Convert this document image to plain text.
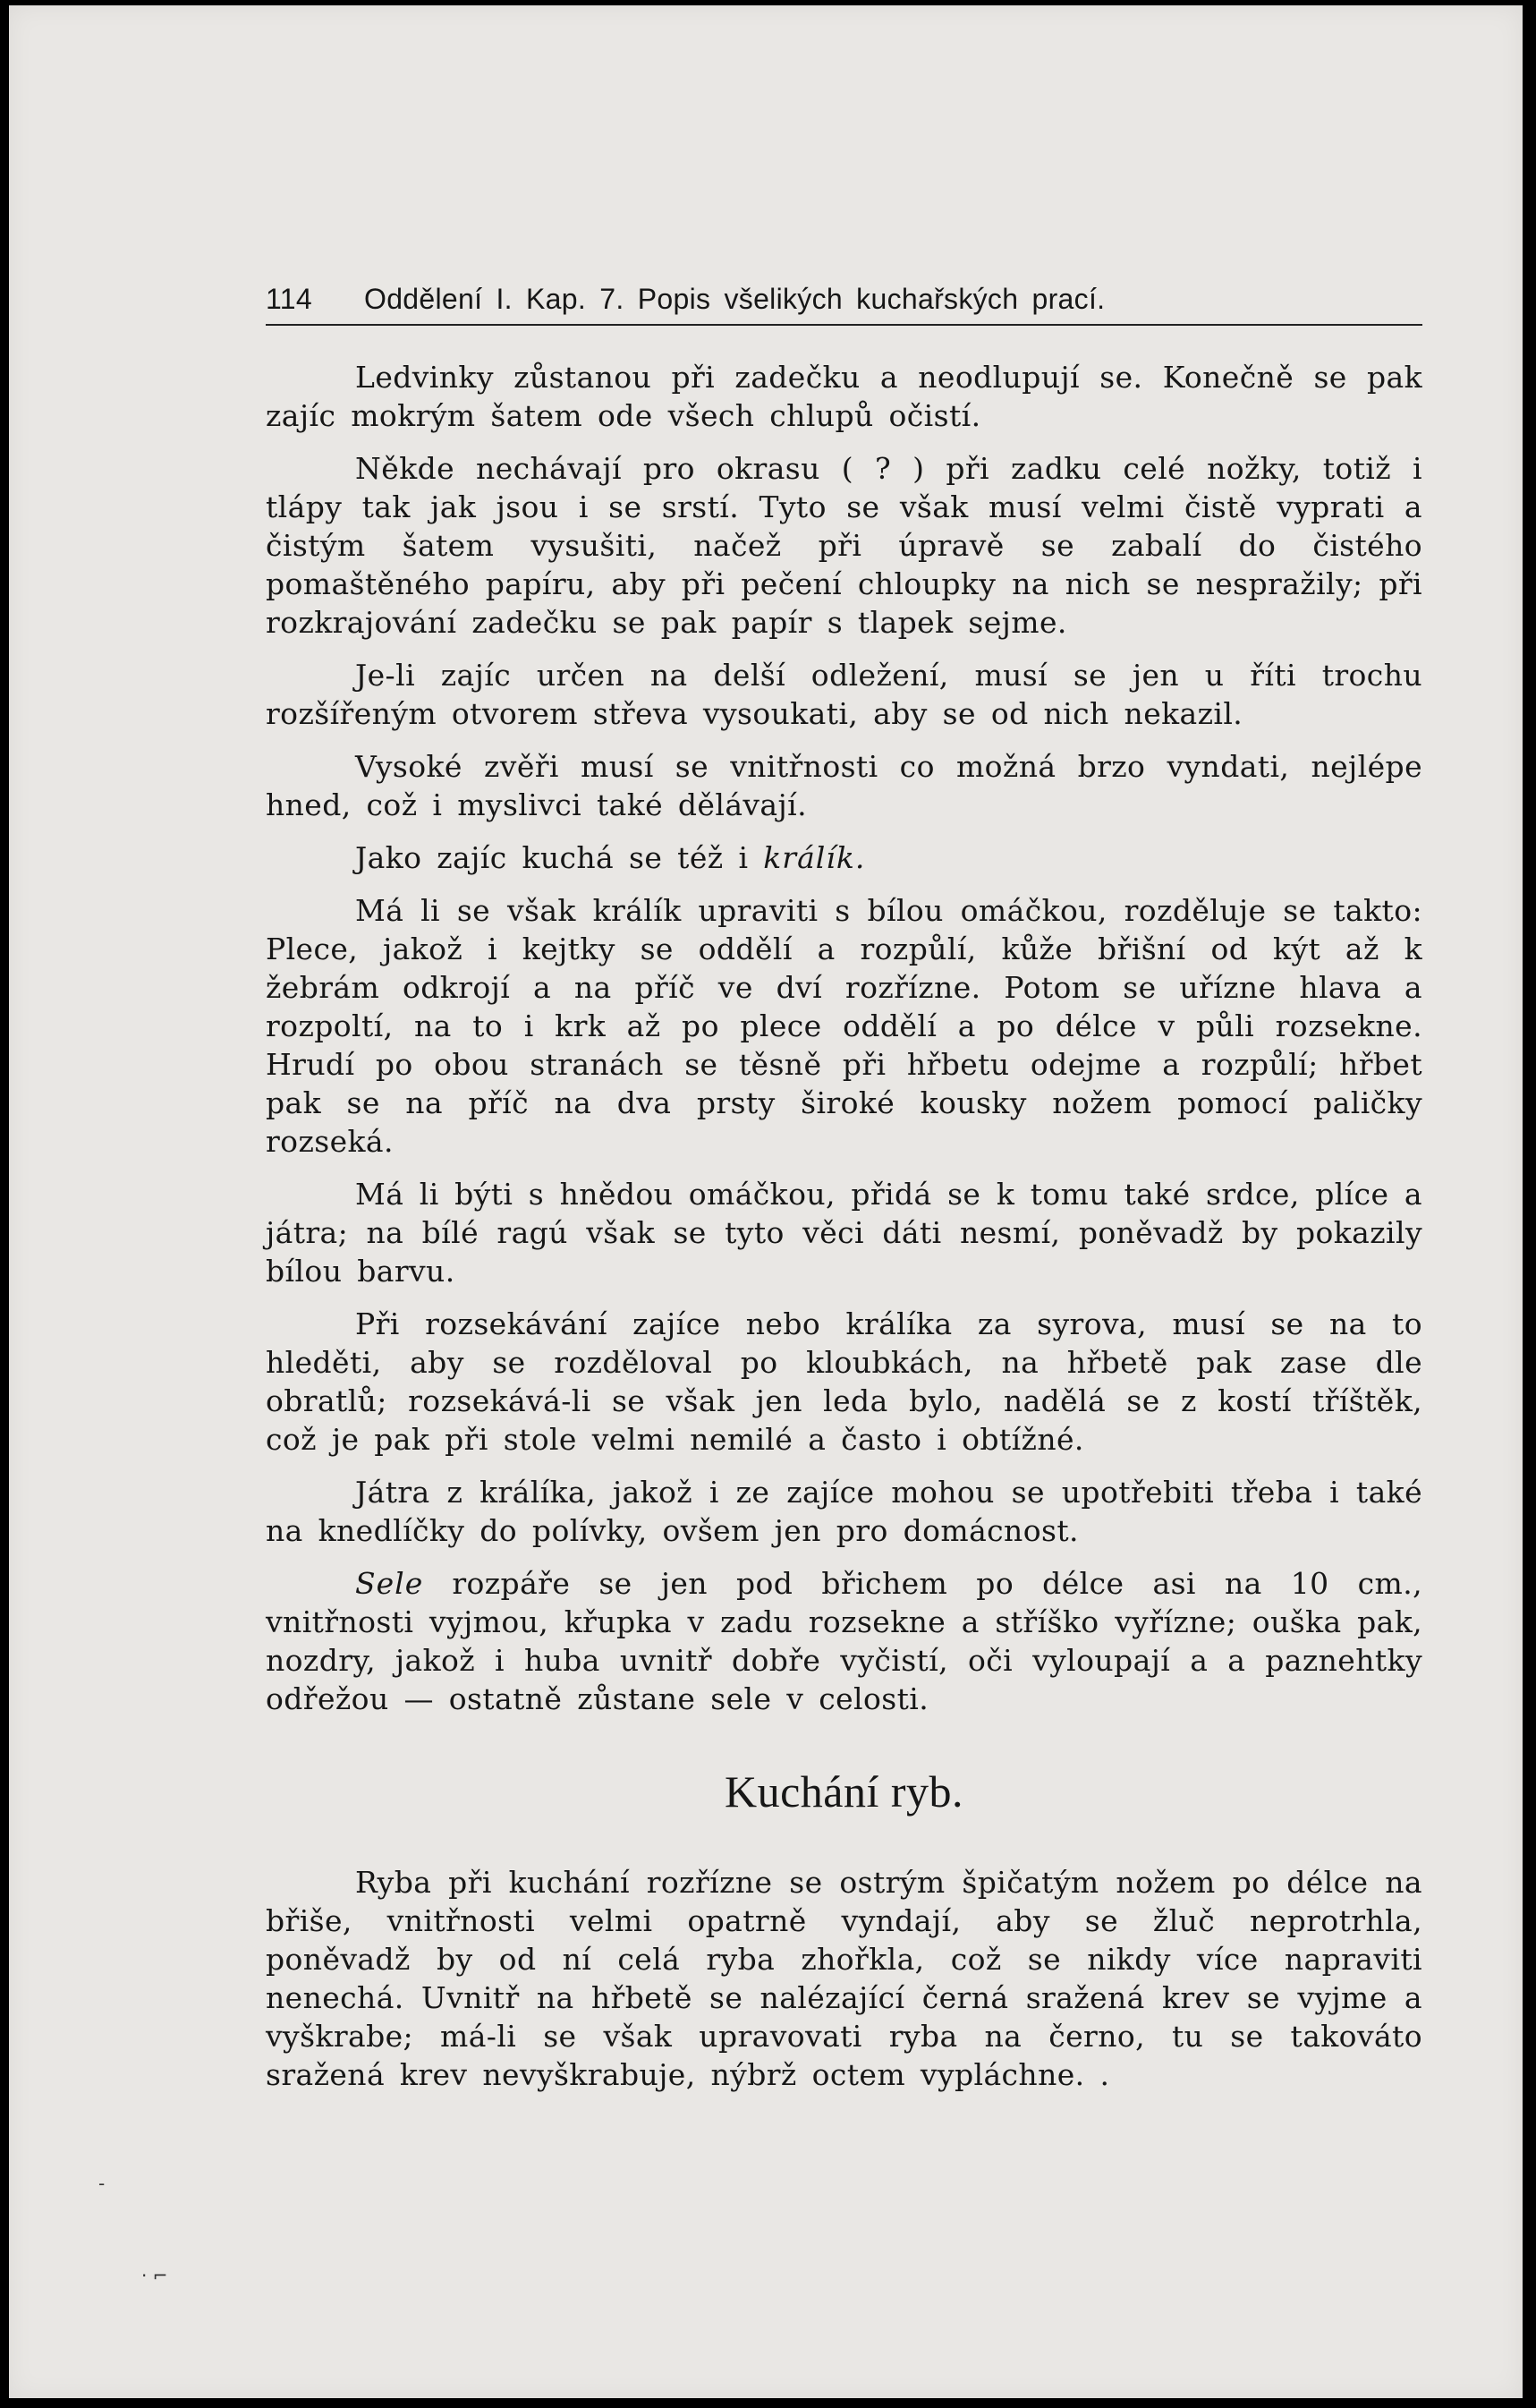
-
· ⌐
114	Oddělení I. Kap. 7. Popis všelikých kuchařských prací.

Ledvinky zůstanou při zadečku a neodlupují se. Konečně se pak zajíc mokrým šatem ode všech chlupů očistí.

Někde nechávají pro okrasu ( ? ) při zadku celé nožky, totiž i tlápy tak jak jsou i se srstí. Tyto se však musí velmi čistě vyprati a čistým šatem vysušiti, načež při úpravě se zabalí do čistého pomaštěného papíru, aby při pečení chloupky na nich se nespražily; při rozkrajování zadečku se pak papír s tlapek sejme.

Je-li zajíc určen na delší odležení, musí se jen u říti trochu rozšířeným otvorem střeva vysoukati, aby se od nich nekazil.

Vysoké zvěři musí se vnitřnosti co možná brzo vyndati, nejlépe hned, což i myslivci také dělávají.

Jako zajíc kuchá se též i králík.

Má li se však králík upraviti s bílou omáčkou, rozděluje se takto: Plece, jakož i kejtky se oddělí a rozpůlí, kůže břišní od kýt až k žebrám odkrojí a na příč ve dví rozřízne. Potom se uřízne hlava a rozpoltí, na to i krk až po plece oddělí a po délce v půli rozsekne. Hrudí po obou stranách se těsně při hřbetu odejme a rozpůlí; hřbet pak se na příč na dva prsty široké kousky nožem pomocí paličky rozseká.

Má li býti s hnědou omáčkou, přidá se k tomu také srdce, plíce a játra; na bílé ragú však se tyto věci dáti nesmí, poněvadž by pokazily bílou barvu.

Při rozsekávání zajíce nebo králíka za syrova, musí se na to hleděti, aby se rozděloval po kloubkách, na hřbetě pak zase dle obratlů; rozsekává-li se však jen leda bylo, nadělá se z kostí tříštěk, což je pak při stole velmi nemilé a často i obtížné.

Játra z králíka, jakož i ze zajíce mohou se upotřebiti třeba i také na knedlíčky do polívky, ovšem jen pro domácnost.

Sele rozpáře se jen pod břichem po délce asi na 10 cm., vnitřnosti vyjmou, křupka v zadu rozsekne a stříško vyřízne; ouška pak, nozdry, jakož i huba uvnitř dobře vyčistí, oči vyloupají a a paznehtky odřežou — ostatně zůstane sele v celosti.

Kuchání ryb.

Ryba při kuchání rozřízne se ostrým špičatým nožem po délce na břiše, vnitřnosti velmi opatrně vyndají, aby se žluč neprotrhla, poněvadž by od ní celá ryba zhořkla, což se nikdy více napraviti nenechá. Uvnitř na hřbetě se nalézající černá sražená krev se vyjme a vyškrabe; má-li se však upravovati ryba na černo, tu se takováto sražená krev nevyškrabuje, nýbrž octem vypláchne. .
